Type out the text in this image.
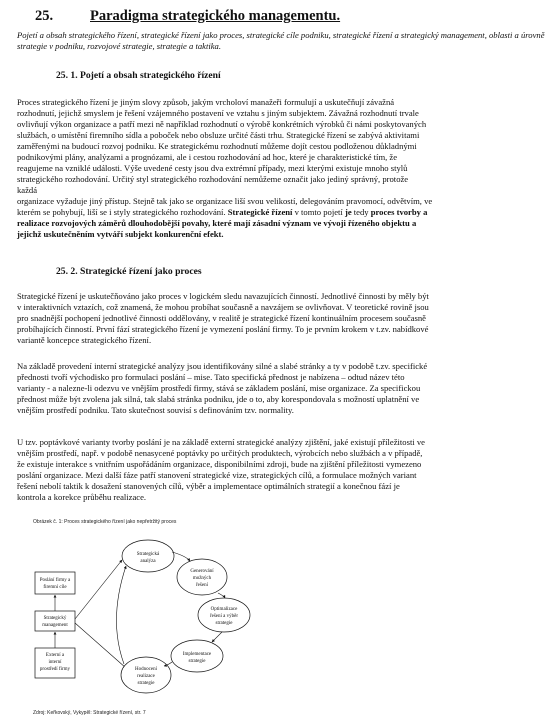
25.	Paradigma strategického managementu.
Pojetí a obsah strategického řízení, strategické řízení jako proces, strategické cíle podniku, strategické řízení a strategický management, oblasti a úrovně strategie v podniku, rozvojové strategie, strategie a taktika.
25. 1. Pojetí a obsah strategického řízení
Proces strategického řízení je jiným slovy způsob, jakým vrcholoví manažeři formulují a uskutečňují závažná
rozhodnutí, jejichž smyslem je řešení vzájemného postavení ve vztahu s jiným subjektem. Závažná rozhodnutí trvale
ovlivňují výkon organizace a patří mezi ně například rozhodnutí o výrobě konkrétních výrobků či námi poskytovaných
službách, o umístění firemního sídla a poboček nebo obsluze určité části trhu. Strategické řízení se zabývá aktivitami
zaměřenými na budoucí rozvoj podniku. Ke strategickému rozhodnutí můžeme dojít cestou podloženou důkladnými
podnikovými plány, analýzami a prognózami, ale i cestou rozhodování ad hoc, které je charakteristické tím, že
reagujeme na vzniklé události. Výše uvedené cesty jsou dva extrémní případy, mezi kterými existuje mnoho stylů
strategického rozhodování. Určitý styl strategického rozhodování nemůžeme označit jako jediný správný, protože
každá
organizace vyžaduje jiný přístup. Stejně tak jako se organizace liší svou velikostí, delegováním pravomocí, odvětvím, ve
kterém se pohybují, liší se i styly strategického rozhodování. Strategické řízení v tomto pojetí je tedy proces tvorby a
realizace rozvojových záměrů dlouhodobější povahy, které mají zásadní význam ve vývoji řízeného objektu a
jejichž uskutečněním vytváří subjekt konkurenční efekt.
25. 2. Strategické řízení jako proces
Strategické řízení je uskutečňováno jako proces v logickém sledu navazujících činností. Jednotlivé činnosti by měly být
v interaktivních vztazích, což znamená, že mohou probíhat současně a navzájem se ovlivňovat. V teoretické rovině jsou
pro snadnější pochopení jednotlivé činnosti oddělovány, v realitě je strategické řízení kontinuálním procesem současně
probíhajících činností. První fází strategického řízení je vymezení poslání firmy. To je prvním krokem v t.zv. nabídkové
variantě koncepce strategického řízení.
Na základě provedení interní strategické analýzy jsou identifikovány silné a slabé stránky a ty v podobě t.zv. specifické
přednosti tvoří východisko pro formulaci poslání – mise. Tato specifická přednost je nabízena – odtud název této
varianty - a nalezne-li odezvu ve vnějším prostředí firmy, stává se základem poslání, mise organizace. Za specifickou
přednost může být zvolena jak silná, tak slabá stránka podniku, jde o to, aby korespondovala s možností uplatnění ve
vnějším prostředí podniku. Tato skutečnost souvisí s definováním tzv. normality.
U tzv. poptávkové varianty tvorby poslání je na základě externí strategické analýzy zjištění, jaké existují příležitosti ve
vnějším prostředí, např. v podobě nenasycené poptávky po určitých produktech, výrobcích nebo službách a v případě,
že existuje interakce s vnitřním uspořádáním organizace, disponibilními zdroji, bude na zjištění příležitosti vymezeno
poslání organizace. Mezi další fáze patří stanovení strategické vize, strategických cílů, a formulace možných variant
řešení nebolí taktik k dosažení stanovených cílů, výběr a implementace optimálních strategií a konečnou fází je
kontrola a korekce průběhu realizace.
Obrázek č. 1: Proces strategického řízení jako nepřetržitý proces
Poslání firmy a
firemní cíle
Strategický
management
Externí a
interní
prostředí firmy
Strategická
analýza
Generování
možných
řešení
Optimalizace
řešení a výběr
strategie
Implementace
strategie
Hodnocení
realizace
strategie
Zdroj: Keřkovský, Vykypěl: Strategické řízení, str. 7
